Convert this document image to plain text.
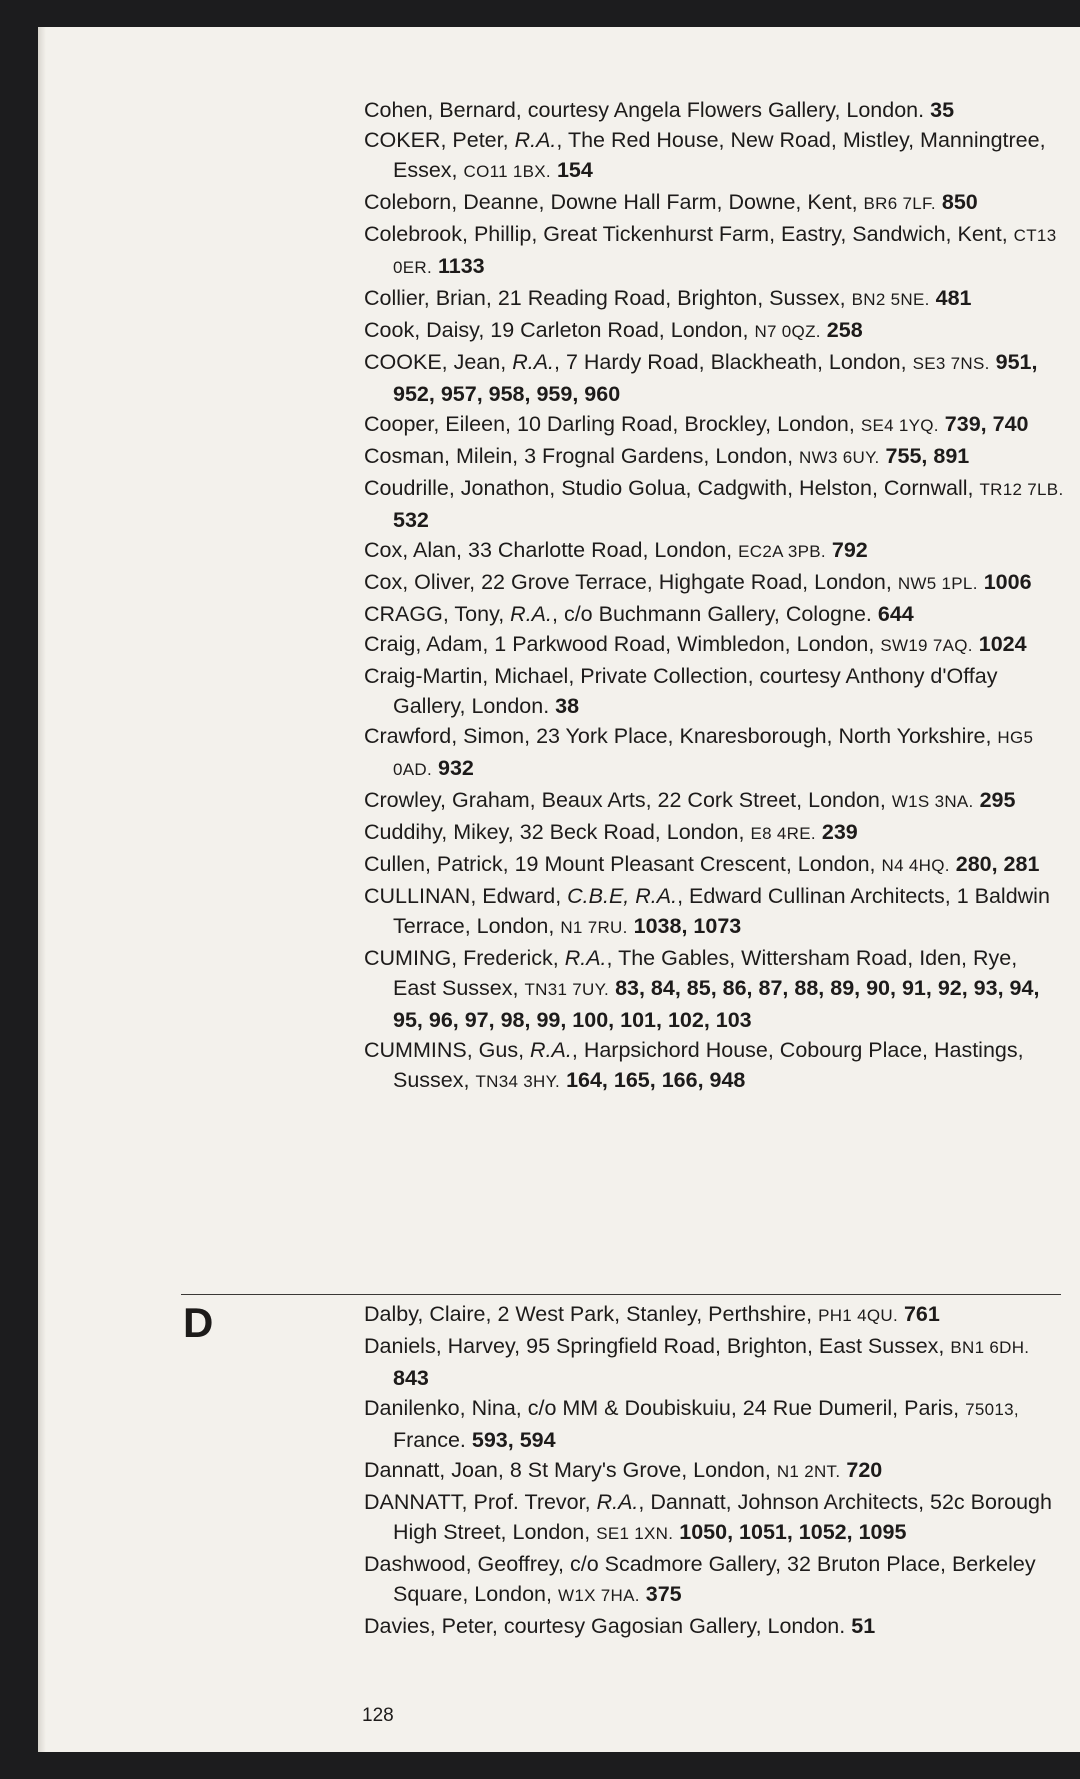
Cohen, Bernard, courtesy Angela Flowers Gallery, London. 35
COKER, Peter, R.A., The Red House, New Road, Mistley, Manningtree, Essex, CO11 1BX. 154
Coleborn, Deanne, Downe Hall Farm, Downe, Kent, BR6 7LF. 850
Colebrook, Phillip, Great Tickenhurst Farm, Eastry, Sandwich, Kent, CT13 0ER. 1133
Collier, Brian, 21 Reading Road, Brighton, Sussex, BN2 5NE. 481
Cook, Daisy, 19 Carleton Road, London, N7 0QZ. 258
COOKE, Jean, R.A., 7 Hardy Road, Blackheath, London, SE3 7NS. 951, 952, 957, 958, 959, 960
Cooper, Eileen, 10 Darling Road, Brockley, London, SE4 1YQ. 739, 740
Cosman, Milein, 3 Frognal Gardens, London, NW3 6UY. 755, 891
Coudrille, Jonathon, Studio Golua, Cadgwith, Helston, Cornwall, TR12 7LB. 532
Cox, Alan, 33 Charlotte Road, London, EC2A 3PB. 792
Cox, Oliver, 22 Grove Terrace, Highgate Road, London, NW5 1PL. 1006
CRAGG, Tony, R.A., c/o Buchmann Gallery, Cologne. 644
Craig, Adam, 1 Parkwood Road, Wimbledon, London, SW19 7AQ. 1024
Craig-Martin, Michael, Private Collection, courtesy Anthony d'Offay Gallery, London. 38
Crawford, Simon, 23 York Place, Knaresborough, North Yorkshire, HG5 0AD. 932
Crowley, Graham, Beaux Arts, 22 Cork Street, London, W1S 3NA. 295
Cuddihy, Mikey, 32 Beck Road, London, E8 4RE. 239
Cullen, Patrick, 19 Mount Pleasant Crescent, London, N4 4HQ. 280, 281
CULLINAN, Edward, C.B.E, R.A., Edward Cullinan Architects, 1 Baldwin Terrace, London, N1 7RU. 1038, 1073
CUMING, Frederick, R.A., The Gables, Wittersham Road, Iden, Rye, East Sussex, TN31 7UY. 83, 84, 85, 86, 87, 88, 89, 90, 91, 92, 93, 94, 95, 96, 97, 98, 99, 100, 101, 102, 103
CUMMINS, Gus, R.A., Harpsichord House, Cobourg Place, Hastings, Sussex, TN34 3HY. 164, 165, 166, 948
D	Dalby, Claire, 2 West Park, Stanley, Perthshire, PH1 4QU. 761
Daniels, Harvey, 95 Springfield Road, Brighton, East Sussex, BN1 6DH. 843
Danilenko, Nina, c/o MM & Doubiskuiu, 24 Rue Dumeril, Paris, 75013, France. 593, 594
Dannatt, Joan, 8 St Mary's Grove, London, N1 2NT. 720
DANNATT, Prof. Trevor, R.A., Dannatt, Johnson Architects, 52c Borough High Street, London, SE1 1XN. 1050, 1051, 1052, 1095
Dashwood, Geoffrey, c/o Scadmore Gallery, 32 Bruton Place, Berkeley Square, London, W1X 7HA. 375
Davies, Peter, courtesy Gagosian Gallery, London. 51
128
